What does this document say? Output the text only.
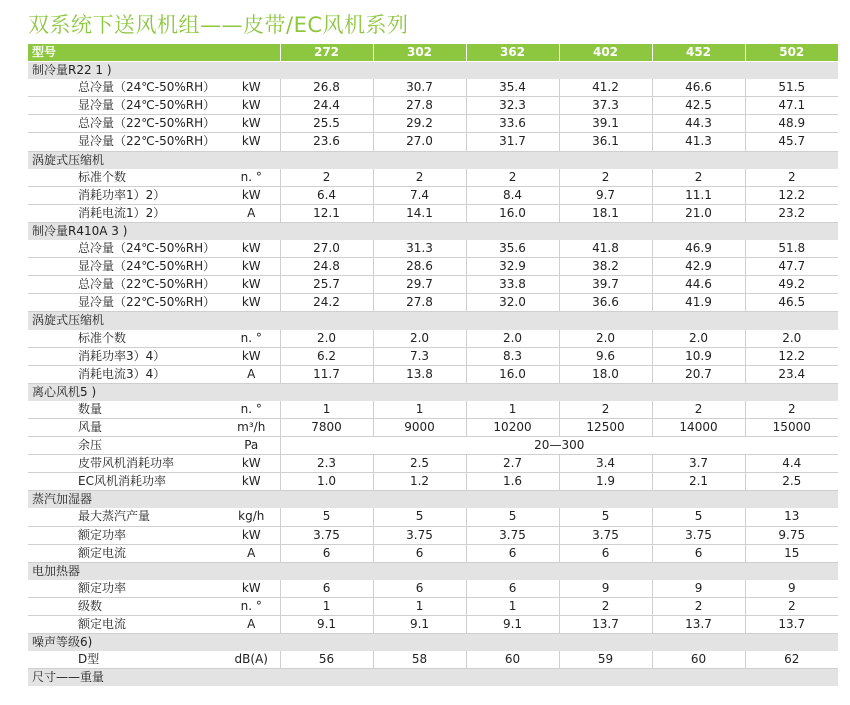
双系统下送风机组——皮带/EC风机系列
型号		272	302	362	402	452	502
制冷量R22 1 )							
总冷量（24℃-50%RH）	kW	26.8	30.7	35.4	41.2	46.6	51.5
显冷量（24℃-50%RH）	kW	24.4	27.8	32.3	37.3	42.5	47.1
总冷量（22℃-50%RH）	kW	25.5	29.2	33.6	39.1	44.3	48.9
显冷量（22℃-50%RH）	kW	23.6	27.0	31.7	36.1	41.3	45.7
涡旋式压缩机							
标准个数	n. °	2	2	2	2	2	2
消耗功率1）2）	kW	6.4	7.4	8.4	9.7	11.1	12.2
消耗电流1）2）	A	12.1	14.1	16.0	18.1	21.0	23.2
制冷量R410A 3 )							
总冷量（24℃-50%RH）	kW	27.0	31.3	35.6	41.8	46.9	51.8
显冷量（24℃-50%RH）	kW	24.8	28.6	32.9	38.2	42.9	47.7
总冷量（22℃-50%RH）	kW	25.7	29.7	33.8	39.7	44.6	49.2
显冷量（22℃-50%RH）	kW	24.2	27.8	32.0	36.6	41.9	46.5
涡旋式压缩机							
标准个数	n. °	2.0	2.0	2.0	2.0	2.0	2.0
消耗功率3）4）	kW	6.2	7.3	8.3	9.6	10.9	12.2
消耗电流3）4）	A	11.7	13.8	16.0	18.0	20.7	23.4
离心风机5 )							
数量	n. °	1	1	1	2	2	2
风量	m³/h	7800	9000	10200	12500	14000	15000
余压	Pa	20—300					
皮带风机消耗功率	kW	2.3	2.5	2.7	3.4	3.7	4.4
EC风机消耗功率	kW	1.0	1.2	1.6	1.9	2.1	2.5
蒸汽加湿器							
最大蒸汽产量	kg/h	5	5	5	5	5	13
额定功率	kW	3.75	3.75	3.75	3.75	3.75	9.75
额定电流	A	6	6	6	6	6	15
电加热器							
额定功率	kW	6	6	6	9	9	9
级数	n. °	1	1	1	2	2	2
额定电流	A	9.1	9.1	9.1	13.7	13.7	13.7
噪声等级6)							
D型	dB(A)	56	58	60	59	60	62
尺寸——重量							
